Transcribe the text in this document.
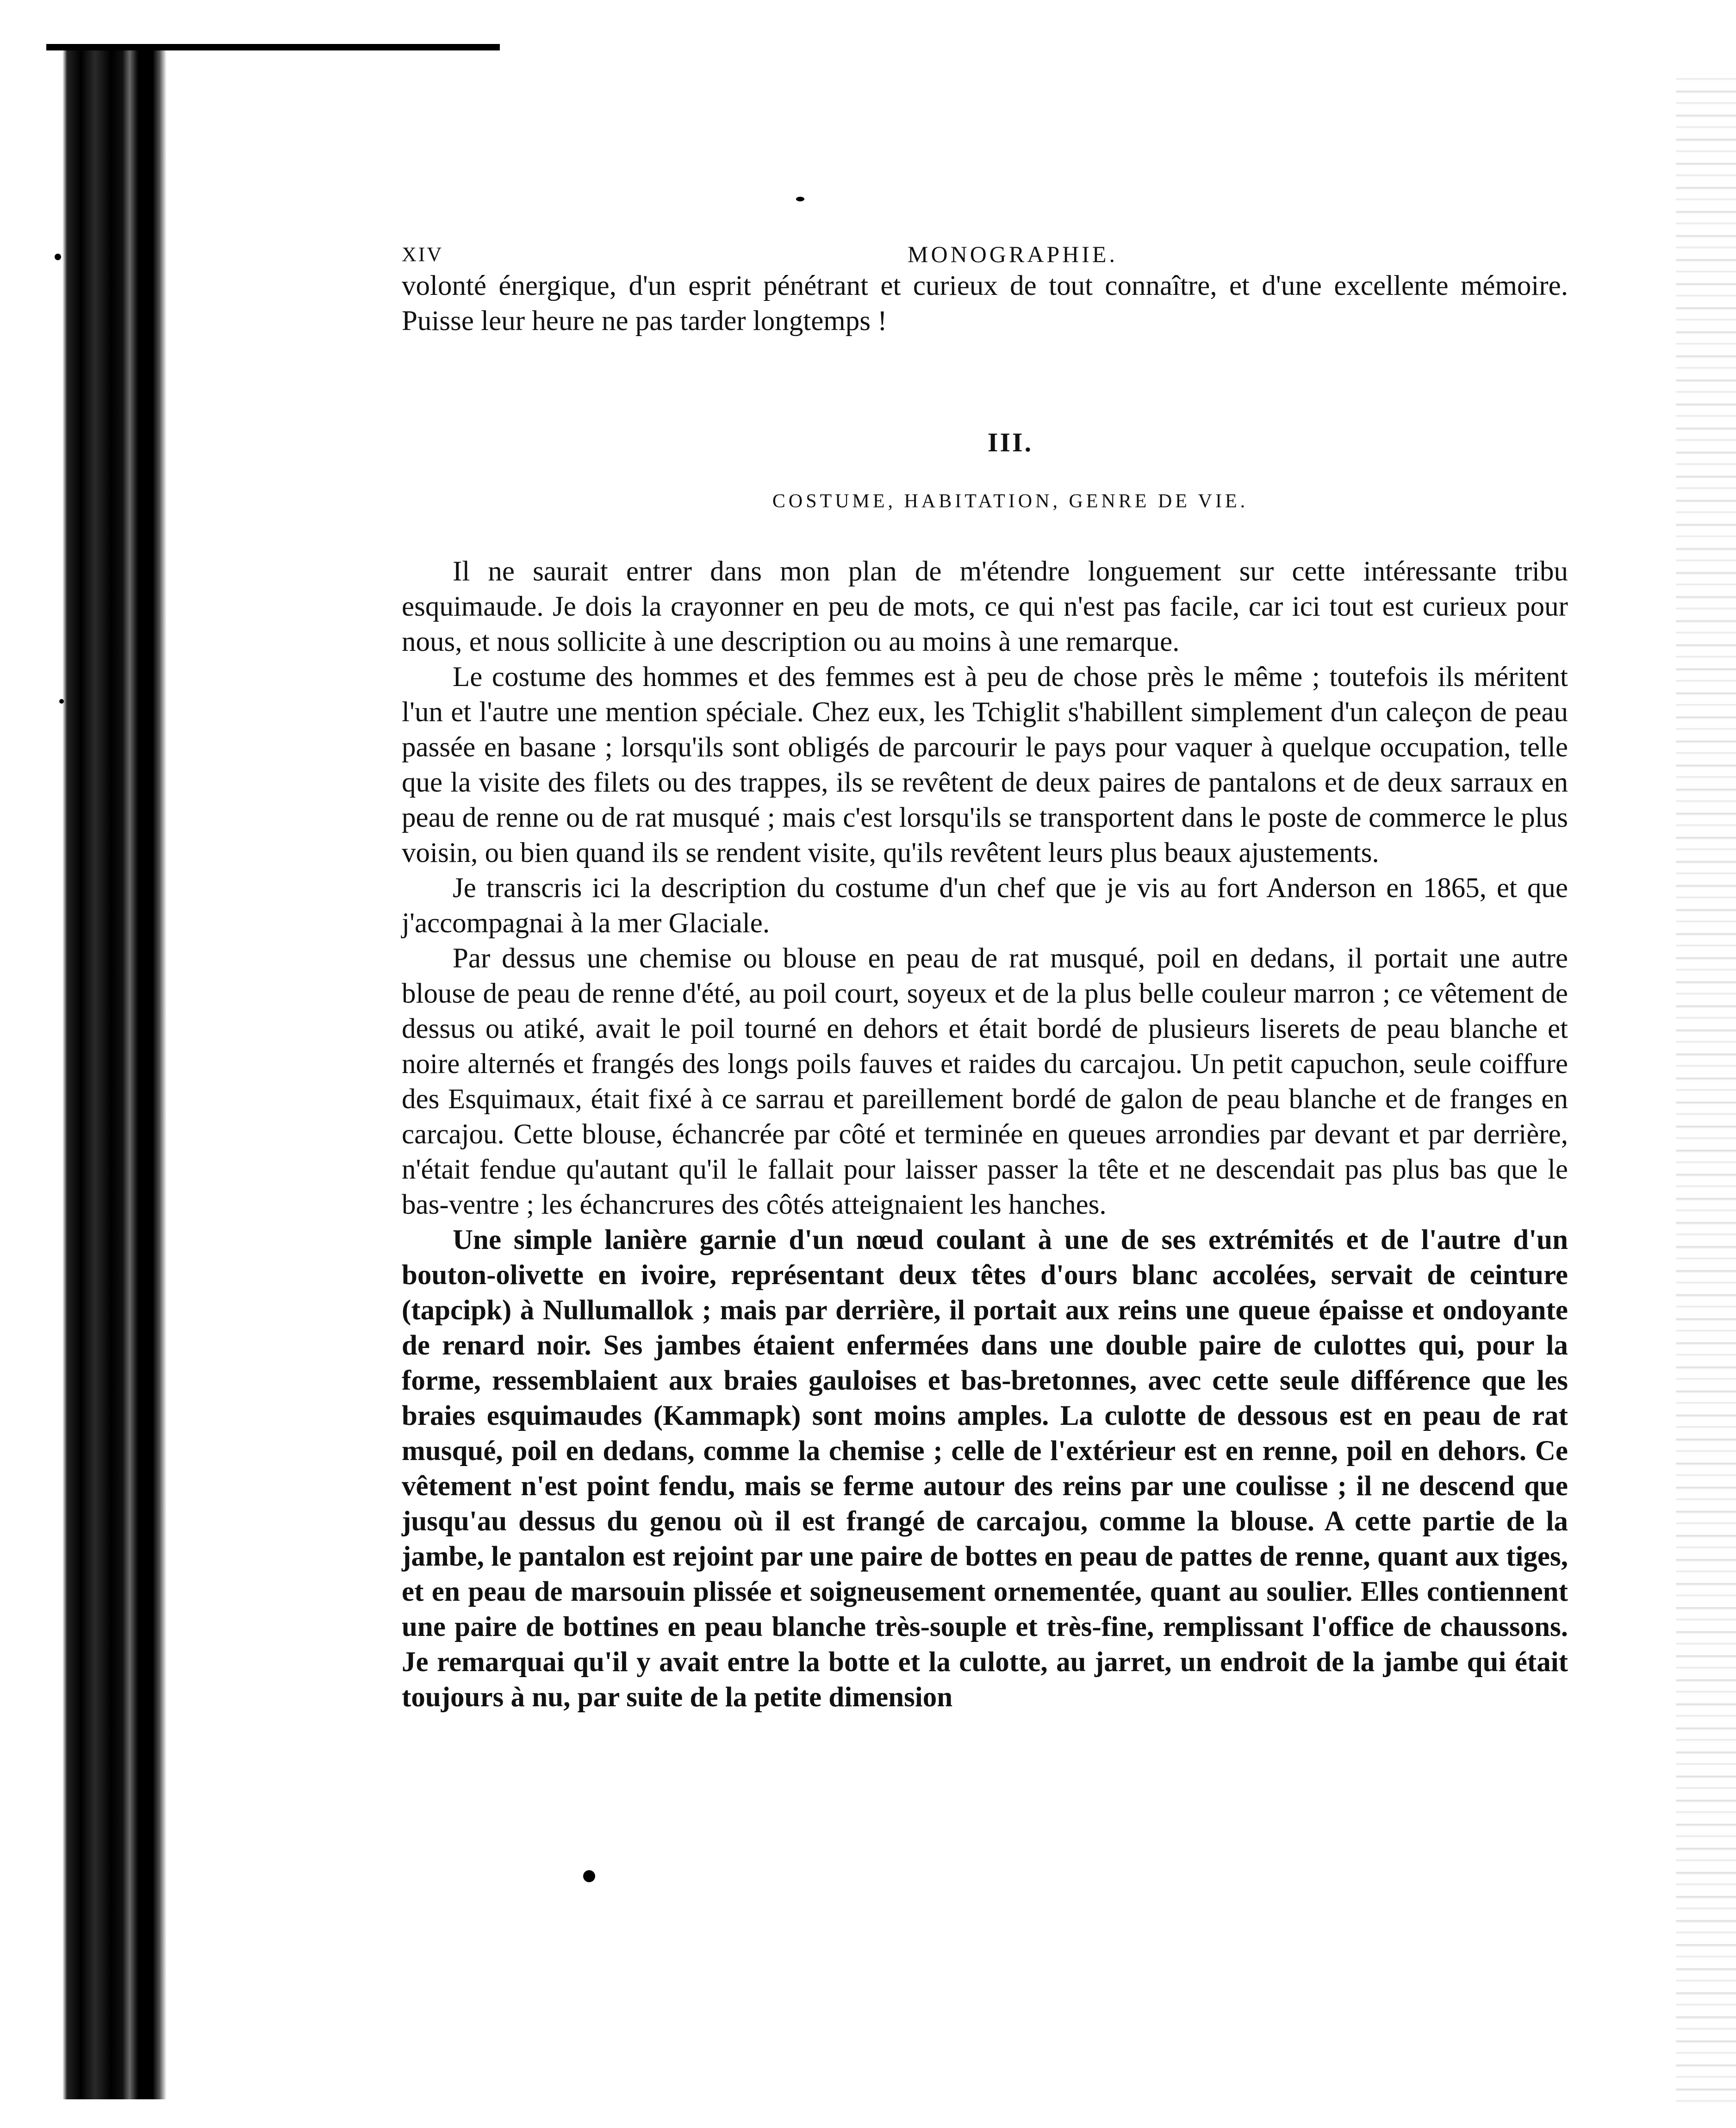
XIV	MONOGRAPHIE.

volonté énergique, d'un esprit pénétrant et curieux de tout connaître, et d'une excellente mémoire. Puisse leur heure ne pas tarder longtemps !

III.
COSTUME, HABITATION, GENRE DE VIE.

Il ne saurait entrer dans mon plan de m'étendre longuement sur cette intéressante tribu esquimaude. Je dois la crayonner en peu de mots, ce qui n'est pas facile, car ici tout est curieux pour nous, et nous sollicite à une description ou au moins à une remarque.

Le costume des hommes et des femmes est à peu de chose près le même ; toutefois ils méritent l'un et l'autre une mention spéciale. Chez eux, les Tchiglit s'habillent simplement d'un caleçon de peau passée en basane ; lorsqu'ils sont obligés de parcourir le pays pour vaquer à quelque occupation, telle que la visite des filets ou des trappes, ils se revêtent de deux paires de pantalons et de deux sarraux en peau de renne ou de rat musqué ; mais c'est lorsqu'ils se transportent dans le poste de commerce le plus voisin, ou bien quand ils se rendent visite, qu'ils revêtent leurs plus beaux ajustements.

Je transcris ici la description du costume d'un chef que je vis au fort Anderson en 1865, et que j'accompagnai à la mer Glaciale.

Par dessus une chemise ou blouse en peau de rat musqué, poil en dedans, il portait une autre blouse de peau de renne d'été, au poil court, soyeux et de la plus belle couleur marron ; ce vêtement de dessus ou atiké, avait le poil tourné en dehors et était bordé de plusieurs liserets de peau blanche et noire alternés et frangés des longs poils fauves et raides du carcajou. Un petit capuchon, seule coiffure des Esquimaux, était fixé à ce sarrau et pareillement bordé de galon de peau blanche et de franges en carcajou. Cette blouse, échancrée par côté et terminée en queues arrondies par devant et par derrière, n'était fendue qu'autant qu'il le fallait pour laisser passer la tête et ne descendait pas plus bas que le bas-ventre ; les échancrures des côtés atteignaient les hanches.

Une simple lanière garnie d'un nœud coulant à une de ses extrémités et de l'autre d'un bouton-olivette en ivoire, représentant deux têtes d'ours blanc accolées, servait de ceinture (tapcipk) à Nullumallok ; mais par derrière, il portait aux reins une queue épaisse et ondoyante de renard noir. Ses jambes étaient enfermées dans une double paire de culottes qui, pour la forme, ressemblaient aux braies gauloises et bas-bretonnes, avec cette seule différence que les braies esquimaudes (Kammapk) sont moins amples. La culotte de dessous est en peau de rat musqué, poil en dedans, comme la chemise ; celle de l'extérieur est en renne, poil en dehors. Ce vêtement n'est point fendu, mais se ferme autour des reins par une coulisse ; il ne descend que jusqu'au dessus du genou où il est frangé de carcajou, comme la blouse. A cette partie de la jambe, le pantalon est rejoint par une paire de bottes en peau de pattes de renne, quant aux tiges, et en peau de marsouin plissée et soigneusement ornementée, quant au soulier. Elles contiennent une paire de bottines en peau blanche très-souple et très-fine, remplissant l'office de chaussons. Je remarquai qu'il y avait entre la botte et la culotte, au jarret, un endroit de la jambe qui était toujours à nu, par suite de la petite dimension
